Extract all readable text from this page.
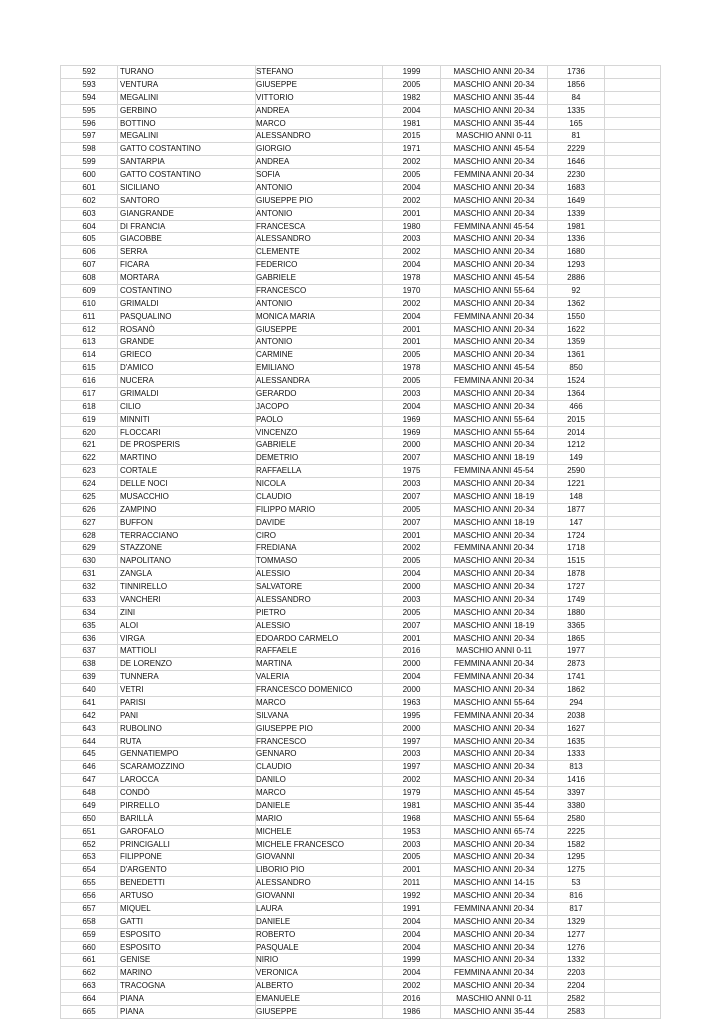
592	TURANO	STEFANO	1999	MASCHIO ANNI 20-34	1736	
593	VENTURA	GIUSEPPE	2005	MASCHIO ANNI 20-34	1856	
594	MEGALINI	VITTORIO	1982	MASCHIO ANNI 35-44	84	
595	GERBINO	ANDREA	2004	MASCHIO ANNI 20-34	1335	
596	BOTTINO	MARCO	1981	MASCHIO ANNI 35-44	165	
597	MEGALINI	ALESSANDRO	2015	MASCHIO ANNI 0-11	81	
598	GATTO COSTANTINO	GIORGIO	1971	MASCHIO ANNI 45-54	2229	
599	SANTARPIA	ANDREA	2002	MASCHIO ANNI 20-34	1646	
600	GATTO COSTANTINO	SOFIA	2005	FEMMINA ANNI 20-34	2230	
601	SICILIANO	ANTONIO	2004	MASCHIO ANNI 20-34	1683	
602	SANTORO	GIUSEPPE PIO	2002	MASCHIO ANNI 20-34	1649	
603	GIANGRANDE	ANTONIO	2001	MASCHIO ANNI 20-34	1339	
604	DI FRANCIA	FRANCESCA	1980	FEMMINA ANNI 45-54	1981	
605	GIACOBBE	ALESSANDRO	2003	MASCHIO ANNI 20-34	1336	
606	SERRA	CLEMENTE	2002	MASCHIO ANNI 20-34	1680	
607	FICARA	FEDERICO	2004	MASCHIO ANNI 20-34	1293	
608	MORTARA	GABRIELE	1978	MASCHIO ANNI 45-54	2886	
609	COSTANTINO	FRANCESCO	1970	MASCHIO ANNI 55-64	92	
610	GRIMALDI	ANTONIO	2002	MASCHIO ANNI 20-34	1362	
611	PASQUALINO	MONICA MARIA	2004	FEMMINA ANNI 20-34	1550	
612	ROSANÒ	GIUSEPPE	2001	MASCHIO ANNI 20-34	1622	
613	GRANDE	ANTONIO	2001	MASCHIO ANNI 20-34	1359	
614	GRIECO	CARMINE	2005	MASCHIO ANNI 20-34	1361	
615	D'AMICO	EMILIANO	1978	MASCHIO ANNI 45-54	850	
616	NUCERA	ALESSANDRA	2005	FEMMINA ANNI 20-34	1524	
617	GRIMALDI	GERARDO	2003	MASCHIO ANNI 20-34	1364	
618	CILIO	JACOPO	2004	MASCHIO ANNI 20-34	466	
619	MINNITI	PAOLO	1969	MASCHIO ANNI 55-64	2015	
620	FLOCCARI	VINCENZO	1969	MASCHIO ANNI 55-64	2014	
621	DE PROSPERIS	GABRIELE	2000	MASCHIO ANNI 20-34	1212	
622	MARTINO	DEMETRIO	2007	MASCHIO ANNI 18-19	149	
623	CORTALE	RAFFAELLA	1975	FEMMINA ANNI 45-54	2590	
624	DELLE NOCI	NICOLA	2003	MASCHIO ANNI 20-34	1221	
625	MUSACCHIO	CLAUDIO	2007	MASCHIO ANNI 18-19	148	
626	ZAMPINO	FILIPPO MARIO	2005	MASCHIO ANNI 20-34	1877	
627	BUFFON	DAVIDE	2007	MASCHIO ANNI 18-19	147	
628	TERRACCIANO	CIRO	2001	MASCHIO ANNI 20-34	1724	
629	STAZZONE	FREDIANA	2002	FEMMINA ANNI 20-34	1718	
630	NAPOLITANO	TOMMASO	2005	MASCHIO ANNI 20-34	1515	
631	ZANGLA	ALESSIO	2004	MASCHIO ANNI 20-34	1878	
632	TINNIRELLO	SALVATORE	2000	MASCHIO ANNI 20-34	1727	
633	VANCHERI	ALESSANDRO	2003	MASCHIO ANNI 20-34	1749	
634	ZINI	PIETRO	2005	MASCHIO ANNI 20-34	1880	
635	ALOI	ALESSIO	2007	MASCHIO ANNI 18-19	3365	
636	VIRGA	EDOARDO CARMELO	2001	MASCHIO ANNI 20-34	1865	
637	MATTIOLI	RAFFAELE	2016	MASCHIO ANNI 0-11	1977	
638	DE LORENZO	MARTINA	2000	FEMMINA ANNI 20-34	2873	
639	TUNNERA	VALERIA	2004	FEMMINA ANNI 20-34	1741	
640	VETRI	FRANCESCO DOMENICO	2000	MASCHIO ANNI 20-34	1862	
641	PARISI	MARCO	1963	MASCHIO ANNI 55-64	294	
642	PANI	SILVANA	1995	FEMMINA ANNI 20-34	2038	
643	RUBOLINO	GIUSEPPE PIO	2000	MASCHIO ANNI 20-34	1627	
644	RUTA	FRANCESCO	1997	MASCHIO ANNI 20-34	1635	
645	GENNATIEMPO	GENNARO	2003	MASCHIO ANNI 20-34	1333	
646	SCARAMOZZINO	CLAUDIO	1997	MASCHIO ANNI 20-34	813	
647	LAROCCA	DANILO	2002	MASCHIO ANNI 20-34	1416	
648	CONDÒ	MARCO	1979	MASCHIO ANNI 45-54	3397	
649	PIRRELLO	DANIELE	1981	MASCHIO ANNI 35-44	3380	
650	BARILLÀ	MARIO	1968	MASCHIO ANNI 55-64	2580	
651	GAROFALO	MICHELE	1953	MASCHIO ANNI 65-74	2225	
652	PRINCIGALLI	MICHELE FRANCESCO	2003	MASCHIO ANNI 20-34	1582	
653	FILIPPONE	GIOVANNI	2005	MASCHIO ANNI 20-34	1295	
654	D'ARGENTO	LIBORIO PIO	2001	MASCHIO ANNI 20-34	1275	
655	BENEDETTI	ALESSANDRO	2011	MASCHIO ANNI 14-15	53	
656	ARTUSO	GIOVANNI	1992	MASCHIO ANNI 20-34	816	
657	MIQUEL	LAURA	1991	FEMMINA ANNI 20-34	817	
658	GATTI	DANIELE	2004	MASCHIO ANNI 20-34	1329	
659	ESPOSITO	ROBERTO	2004	MASCHIO ANNI 20-34	1277	
660	ESPOSITO	PASQUALE	2004	MASCHIO ANNI 20-34	1276	
661	GENISE	NIRIO	1999	MASCHIO ANNI 20-34	1332	
662	MARINO	VERONICA	2004	FEMMINA ANNI 20-34	2203	
663	TRACOGNA	ALBERTO	2002	MASCHIO ANNI 20-34	2204	
664	PIANA	EMANUELE	2016	MASCHIO ANNI 0-11	2582	
665	PIANA	GIUSEPPE	1986	MASCHIO ANNI 35-44	2583	
